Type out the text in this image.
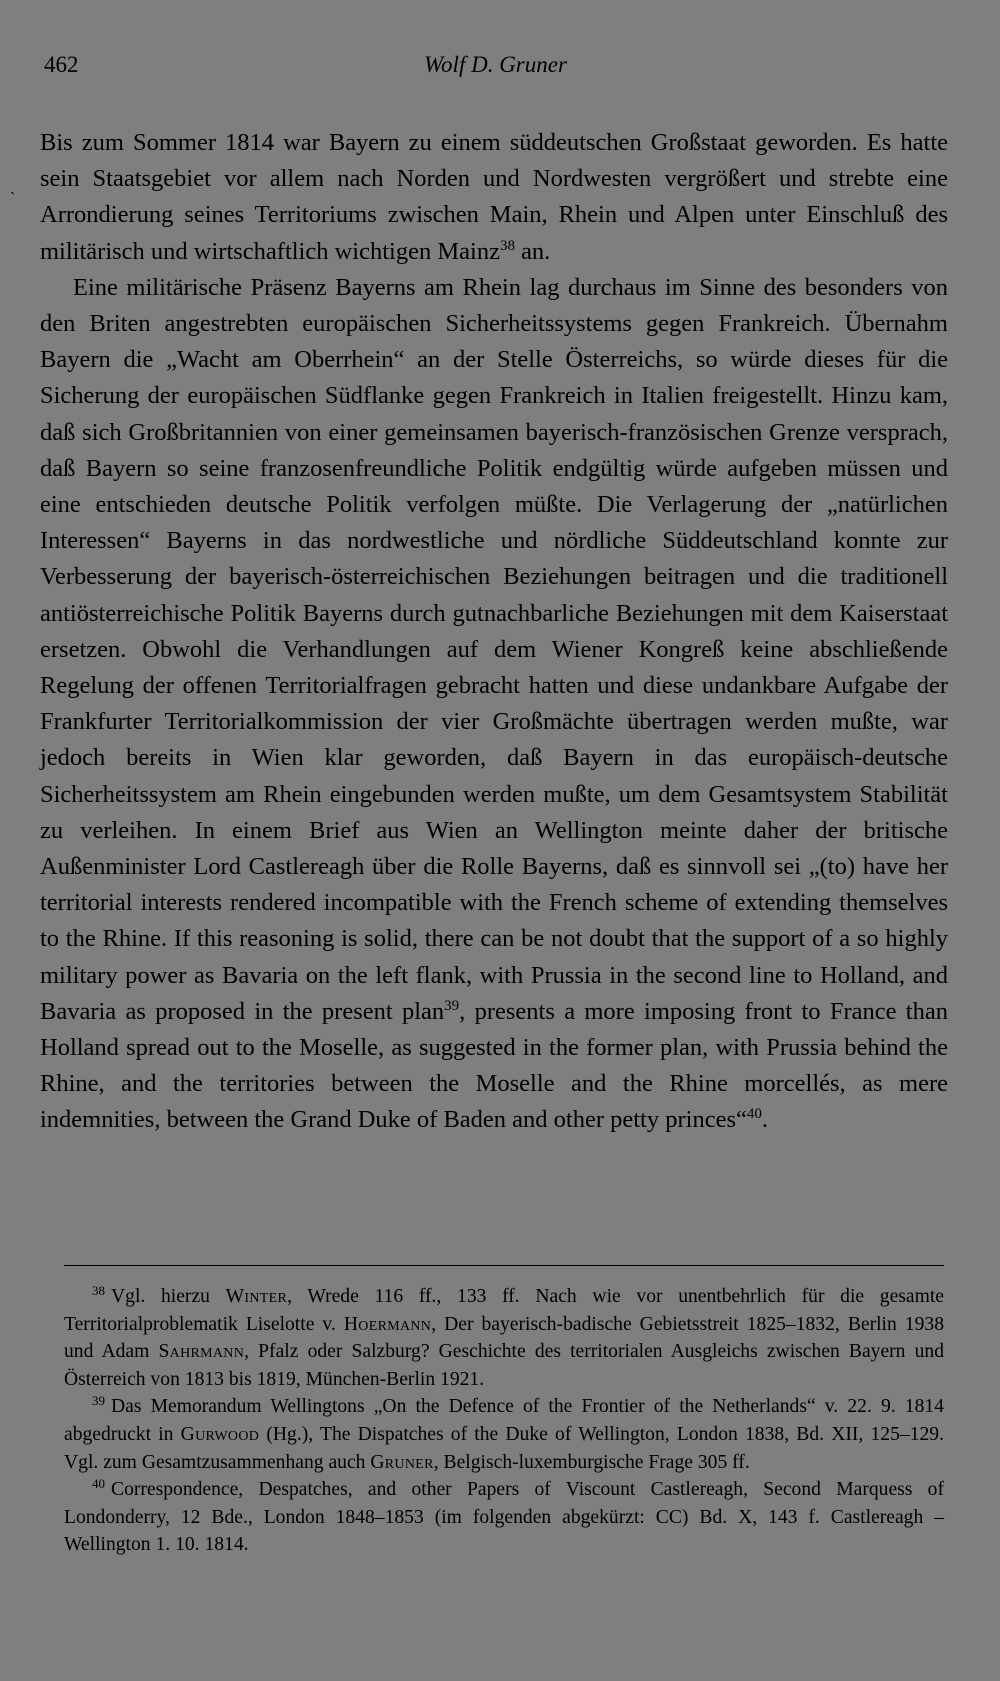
462	Wolf D. Gruner
ˏ

Bis zum Sommer 1814 war Bayern zu einem süddeutschen Großstaat geworden. Es hatte sein Staatsgebiet vor allem nach Norden und Nordwesten vergrößert und strebte eine Arrondierung seines Territoriums zwischen Main, Rhein und Alpen unter Einschluß des militärisch und wirtschaftlich wichtigen Mainz$^{38}$ an.

Eine militärische Präsenz Bayerns am Rhein lag durchaus im Sinne des besonders von den Briten angestrebten europäischen Sicherheitssystems gegen Frankreich. Übernahm Bayern die „Wacht am Oberrhein“ an der Stelle Österreichs, so würde dieses für die Sicherung der europäischen Südflanke gegen Frankreich in Italien freigestellt. Hinzu kam, daß sich Großbritannien von einer gemeinsamen bayerisch-französischen Grenze versprach, daß Bayern so seine franzosenfreundliche Politik endgültig würde aufgeben müssen und eine entschieden deutsche Politik verfolgen müßte. Die Verlagerung der „natürlichen Interessen“ Bayerns in das nordwestliche und nördliche Süddeutschland konnte zur Verbesserung der bayerisch-österreichischen Beziehungen beitragen und die traditionell antiösterreichische Politik Bayerns durch gutnachbarliche Beziehungen mit dem Kaiserstaat ersetzen. Obwohl die Verhandlungen auf dem Wiener Kongreß keine abschließende Regelung der offenen Territorialfragen gebracht hatten und diese undankbare Aufgabe der Frankfurter Territorialkommission der vier Großmächte übertragen werden mußte, war jedoch bereits in Wien klar geworden, daß Bayern in das europäisch-deutsche Sicherheitssystem am Rhein eingebunden werden mußte, um dem Gesamtsystem Stabilität zu verleihen. In einem Brief aus Wien an Wellington meinte daher der britische Außenminister Lord Castlereagh über die Rolle Bayerns, daß es sinnvoll sei „(to) have her territorial interests rendered incompatible with the French scheme of extending themselves to the Rhine. If this reasoning is solid, there can be not doubt that the support of a so highly military power as Bavaria on the left flank, with Prussia in the second line to Holland, and Bavaria as proposed in the present plan$^{39}$, presents a more imposing front to France than Holland spread out to the Moselle, as suggested in the former plan, with Prussia behind the Rhine, and the territories between the Moselle and the Rhine morcellés, as mere indemnities, between the Grand Duke of Baden and other petty princes“$^{40}$.

$^{38}$ Vgl. hierzu Winter, Wrede 116 ff., 133 ff. Nach wie vor unentbehrlich für die gesamte Territorialproblematik Liselotte v. Hoermann, Der bayerisch-badische Gebietsstreit 1825–1832, Berlin 1938 und Adam Sahrmann, Pfalz oder Salzburg? Geschichte des territorialen Ausgleichs zwischen Bayern und Österreich von 1813 bis 1819, München-Berlin 1921.

$^{39}$ Das Memorandum Wellingtons „On the Defence of the Frontier of the Netherlands“ v. 22. 9. 1814 abgedruckt in Gurwood (Hg.), The Dispatches of the Duke of Wellington, London 1838, Bd. XII, 125–129. Vgl. zum Gesamtzusammenhang auch Gruner, Belgisch-luxemburgische Frage 305 ff.

$^{40}$ Correspondence, Despatches, and other Papers of Viscount Castlereagh, Second Marquess of Londonderry, 12 Bde., London 1848–1853 (im folgenden abgekürzt: CC) Bd. X, 143 f. Castlereagh – Wellington 1. 10. 1814.
